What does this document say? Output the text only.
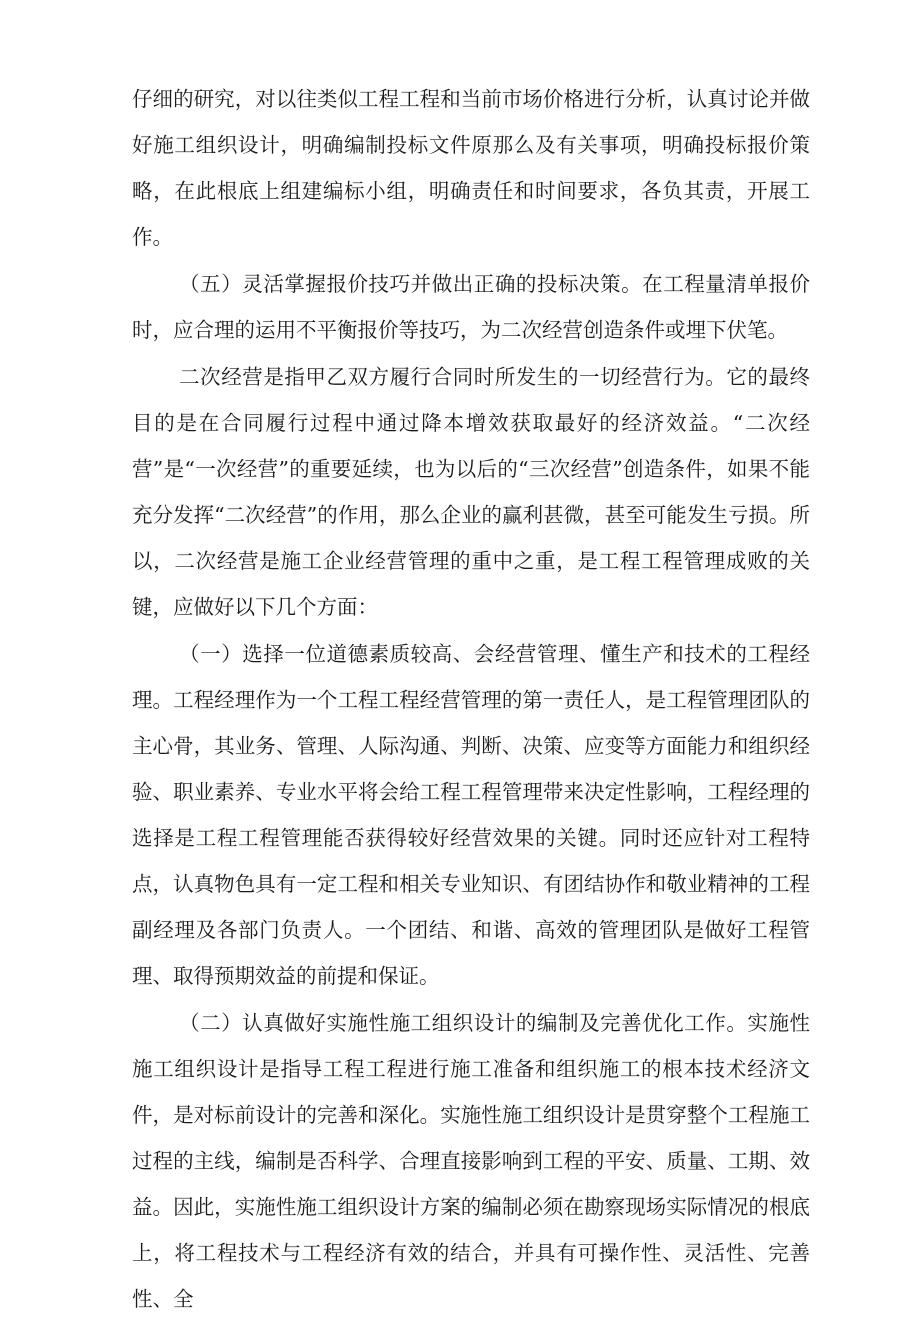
仔细的研究，对以往类似工程工程和当前市场价格进行分析，认真讨论并做好施工组织设计，明确编制投标文件原那么及有关事项，明确投标报价策略，在此根底上组建编标小组，明确责任和时间要求，各负其责，开展工作。

（五）灵活掌握报价技巧并做出正确的投标决策。在工程量清单报价时，应合理的运用不平衡报价等技巧，为二次经营创造条件或埋下伏笔。

二次经营是指甲乙双方履行合同时所发生的一切经营行为。它的最终目的是在合同履行过程中通过降本增效获取最好的经济效益。“二次经营”是“一次经营”的重要延续，也为以后的“三次经营”创造条件，如果不能充分发挥“二次经营”的作用，那么企业的赢利甚微，甚至可能发生亏损。所以，二次经营是施工企业经营管理的重中之重，是工程工程管理成败的关键，应做好以下几个方面：

（一）选择一位道德素质较高、会经营管理、懂生产和技术的工程经理。工程经理作为一个工程工程经营管理的第一责任人，是工程管理团队的主心骨，其业务、管理、人际沟通、判断、决策、应变等方面能力和组织经验、职业素养、专业水平将会给工程工程管理带来决定性影响，工程经理的选择是工程工程管理能否获得较好经营效果的关键。同时还应针对工程特点，认真物色具有一定工程和相关专业知识、有团结协作和敬业精神的工程副经理及各部门负责人。一个团结、和谐、高效的管理团队是做好工程管理、取得预期效益的前提和保证。

（二）认真做好实施性施工组织设计的编制及完善优化工作。实施性施工组织设计是指导工程工程进行施工准备和组织施工的根本技术经济文件，是对标前设计的完善和深化。实施性施工组织设计是贯穿整个工程施工过程的主线，编制是否科学、合理直接影响到工程的平安、质量、工期、效益。因此，实施性施工组织设计方案的编制必须在勘察现场实际情况的根底上，将工程技术与工程经济有效的结合，并具有可操作性、灵活性、完善性、全
